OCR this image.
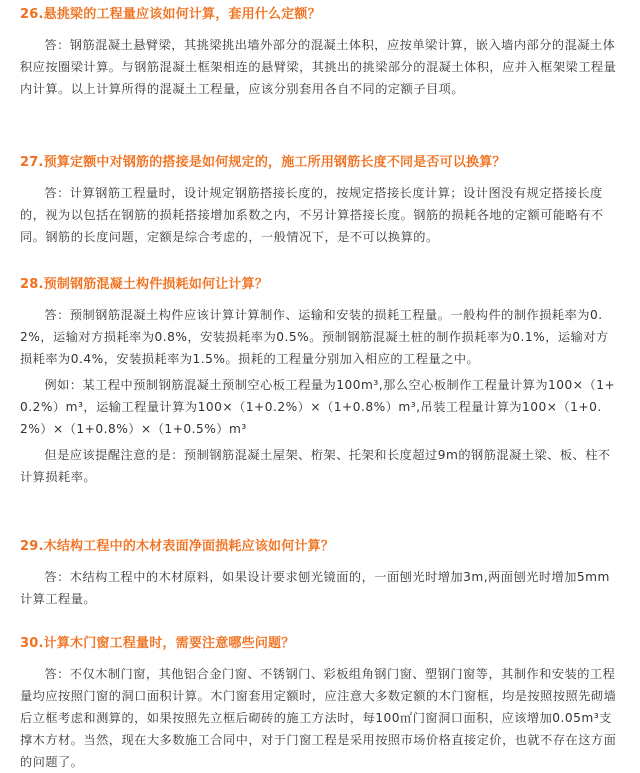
26.悬挑梁的工程量应该如何计算，套用什么定额？

答：钢筋混凝土悬臂梁，其挑梁挑出墙外部分的混凝土体积，应按单梁计算，嵌入墙内部分的混凝土体积应按圈梁计算。与钢筋混凝土框架相连的悬臂梁，其挑出的挑梁部分的混凝土体积，应并入框架梁工程量内计算。以上计算所得的混凝土工程量，应该分别套用各自不同的定额子目项。

27.预算定额中对钢筋的搭接是如何规定的，施工所用钢筋长度不同是否可以换算？

答：计算钢筋工程量时，设计规定钢筋搭接长度的，按规定搭接长度计算；设计图没有规定搭接长度的，视为以包括在钢筋的损耗搭接增加系数之内，不另计算搭接长度。钢筋的损耗各地的定额可能略有不同。钢筋的长度问题，定额是综合考虑的，一般情况下，是不可以换算的。

28.预制钢筋混凝土构件损耗如何让计算？

答：预制钢筋混凝土构件应该计算计算制作、运输和安装的损耗工程量。一般构件的制作损耗率为0.2%，运输对方损耗率为0.8%，安装损耗率为0.5%。预制钢筋混凝土桩的制作损耗率为0.1%，运输对方损耗率为0.4%，安装损耗率为1.5%。损耗的工程量分别加入相应的工程量之中。

例如：某工程中预制钢筋混凝土预制空心板工程量为100m³,那么空心板制作工程量计算为100×（1+0.2%）m³，运输工程量计算为100×（1+0.2%）×（1+0.8%）m³,吊装工程量计算为100×（1+0.2%）×（1+0.8%）×（1+0.5%）m³

但是应该提醒注意的是：预制钢筋混凝土屋架、桁架、托架和长度超过9m的钢筋混凝土梁、板、柱不计算损耗率。

29.木结构工程中的木材表面净面损耗应该如何计算？

答：木结构工程中的木材原料，如果设计要求刨光镜面的，一面刨光时增加3m,两面刨光时增加5mm计算工程量。

30.计算木门窗工程量时，需要注意哪些问题？

答：不仅木制门窗，其他铝合金门窗、不锈钢门、彩板组角钢门窗、塑钢门窗等，其制作和安装的工程量均应按照门窗的洞口面积计算。木门窗套用定额时，应注意大多数定额的木门窗框，均是按照按照先砌墙后立框考虑和测算的，如果按照先立框后砌砖的施工方法时，每100㎡门窗洞口面积，应该增加0.05m³支撑木方材。当然，现在大多数施工合同中，对于门窗工程是采用按照市场价格直接定价，也就不存在这方面的问题了。
